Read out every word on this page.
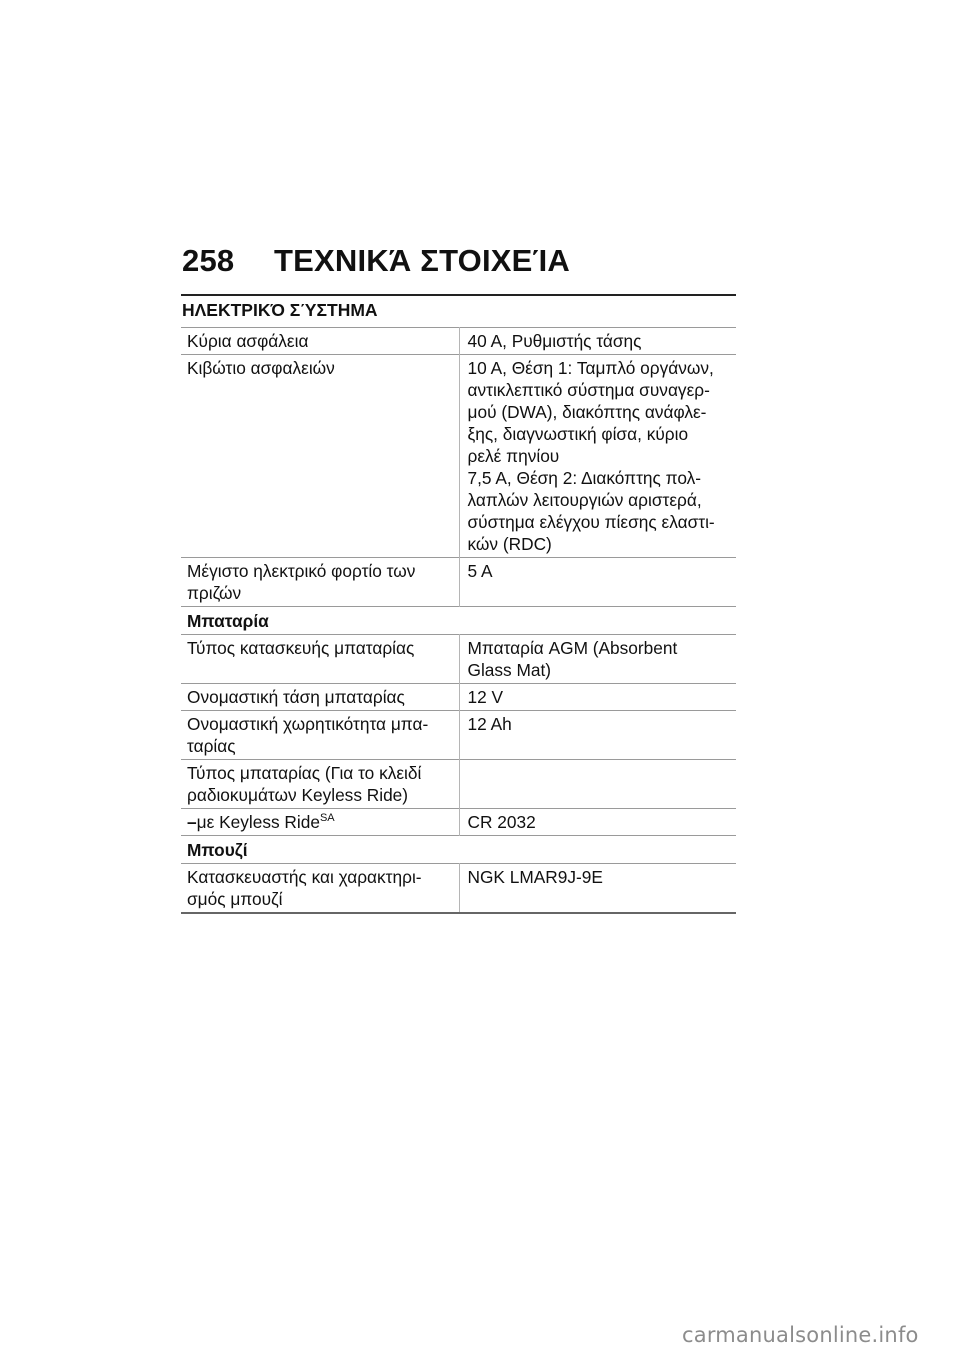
258	ΤΕΧΝΙΚΆ ΣΤΟΙΧΕΊΑ
ΗΛΕΚΤΡΙΚΌ ΣΎΣΤΗΜΑ
Κύρια ασφάλεια	40 A, Ρυθμιστής τάσης
Κιβώτιο ασφαλειών	10 A, Θέση 1: Ταμπλό οργάνων,
αντικλεπτικό σύστημα συναγερ-
μού (DWA), διακόπτης ανάφλε-
ξης, διαγνωστική φίσα, κύριο
ρελέ πηνίου
7,5 A, Θέση 2: Διακόπτης πολ-
λαπλών λειτουργιών αριστερά,
σύστημα ελέγχου πίεσης ελαστι-
κών (RDC)

Μέγιστο ηλεκτρικό φορτίο των
πριζών	5 A
Μπαταρία	
Τύπος κατασκευής μπαταρίας	Μπαταρία AGM (Absorbent
Glass Mat)

Ονομαστική τάση μπαταρίας	12 V

Ονομαστική χωρητικότητα μπα-
ταρίας	12 Ah

Τύπος μπαταρίας (Για το κλειδί
ραδιοκυμάτων Keyless Ride)	

–με Keyless Ride$^{SA}$	CR 2032
Μπουζί	

Κατασκευαστής και χαρακτηρι-
σμός μπουζί	NGK LMAR9J-9E
carmanualsonline.info
